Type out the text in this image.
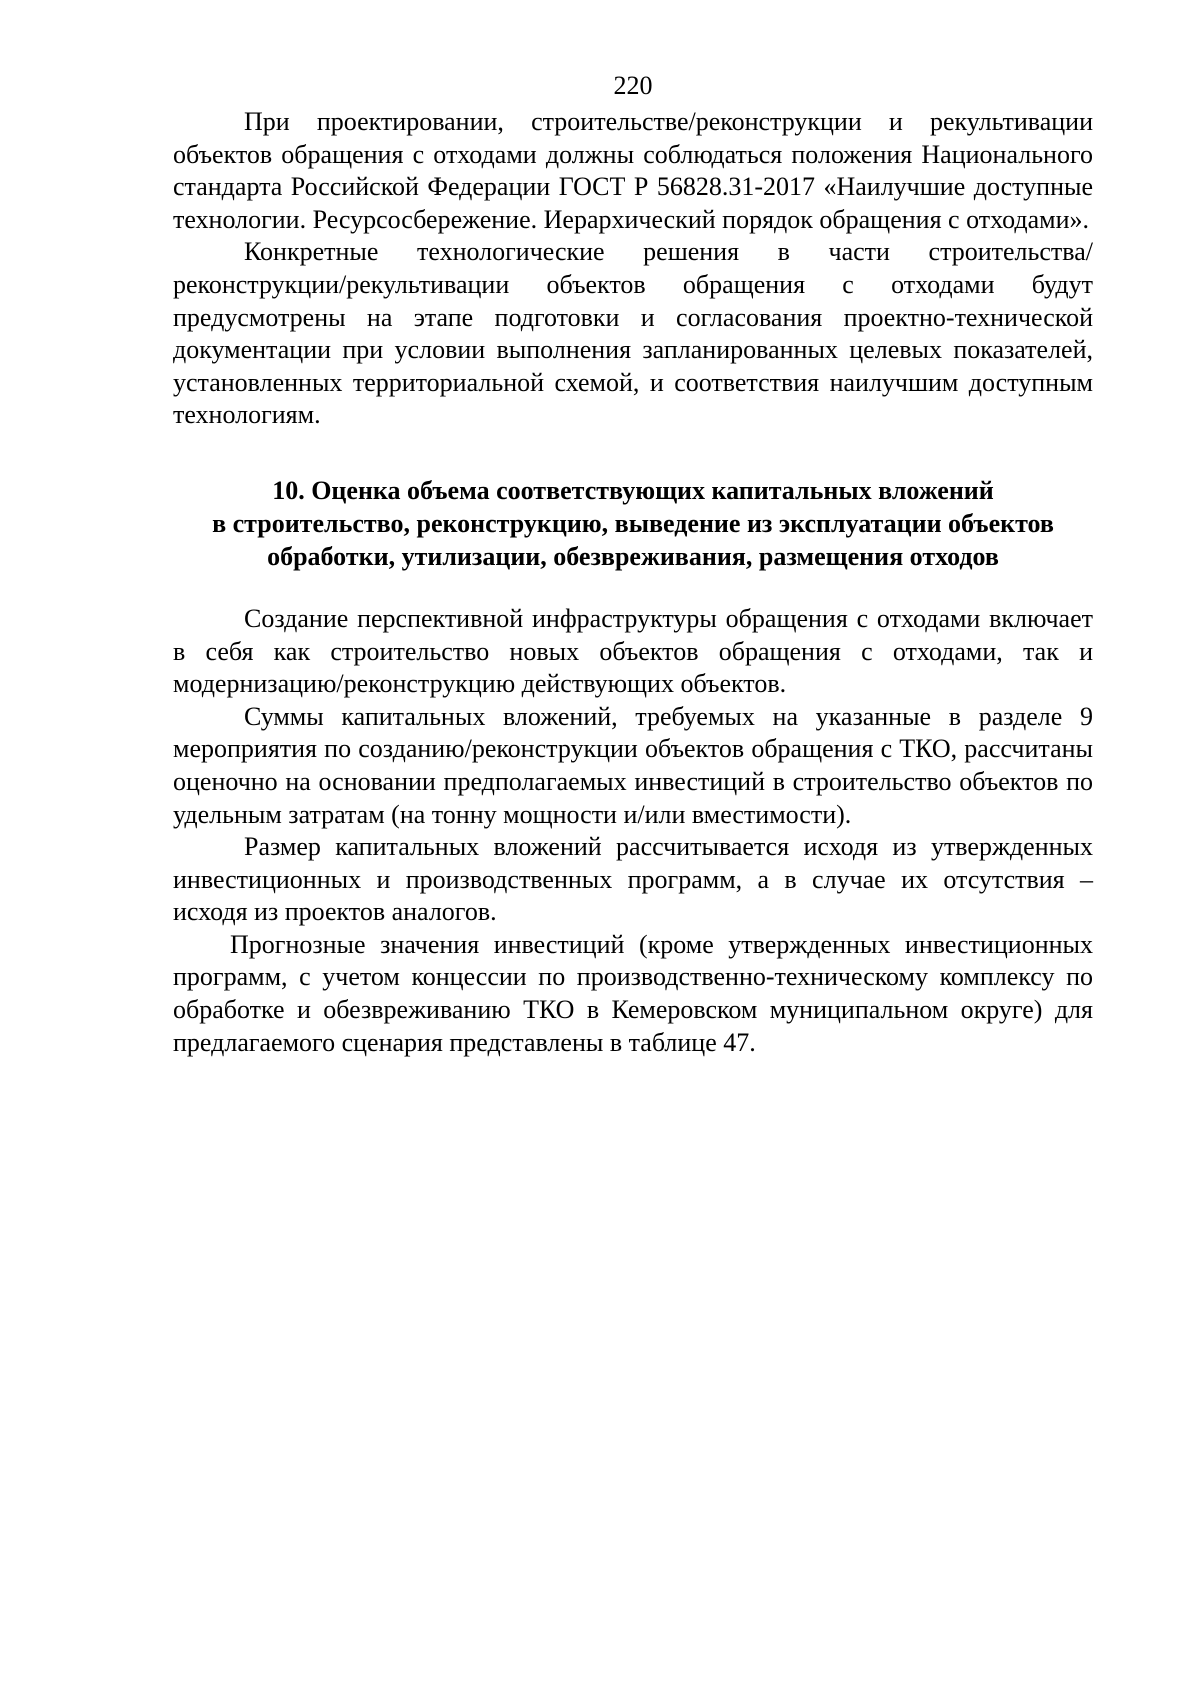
220

При проектировании, строительстве/реконструкции и рекультивации объектов обращения с отходами должны соблюдаться положения Национального стандарта Российской Федерации ГОСТ Р 56828.31-2017 «Наилучшие доступные технологии. Ресурсосбережение. Иерархический порядок обращения с отходами».

Конкретные технологические решения в части строительства/ реконструкции/рекультивации объектов обращения с отходами будут предусмотрены на этапе подготовки и согласования проектно-технической документации при условии выполнения запланированных целевых показателей, установленных территориальной схемой, и соответствия наилучшим доступным технологиям.

10. Оценка объема соответствующих капитальных вложений
в строительство, реконструкцию, выведение из эксплуатации объектов
обработки, утилизации, обезвреживания, размещения отходов

Создание перспективной инфраструктуры обращения с отходами включает в себя как строительство новых объектов обращения с отходами, так и модернизацию/реконструкцию действующих объектов.

Суммы капитальных вложений, требуемых на указанные в разделе 9 мероприятия по созданию/реконструкции объектов обращения с ТКО, рассчитаны оценочно на основании предполагаемых инвестиций в строительство объектов по удельным затратам (на тонну мощности и/или вместимости).

Размер капитальных вложений рассчитывается исходя из утвержденных инвестиционных и производственных программ, а в случае их отсутствия – исходя из проектов аналогов.

Прогнозные значения инвестиций (кроме утвержденных инвестиционных программ, с учетом концессии по производственно-техническому комплексу по обработке и обезвреживанию ТКО в Кемеровском муниципальном округе) для предлагаемого сценария представлены в таблице 47.
